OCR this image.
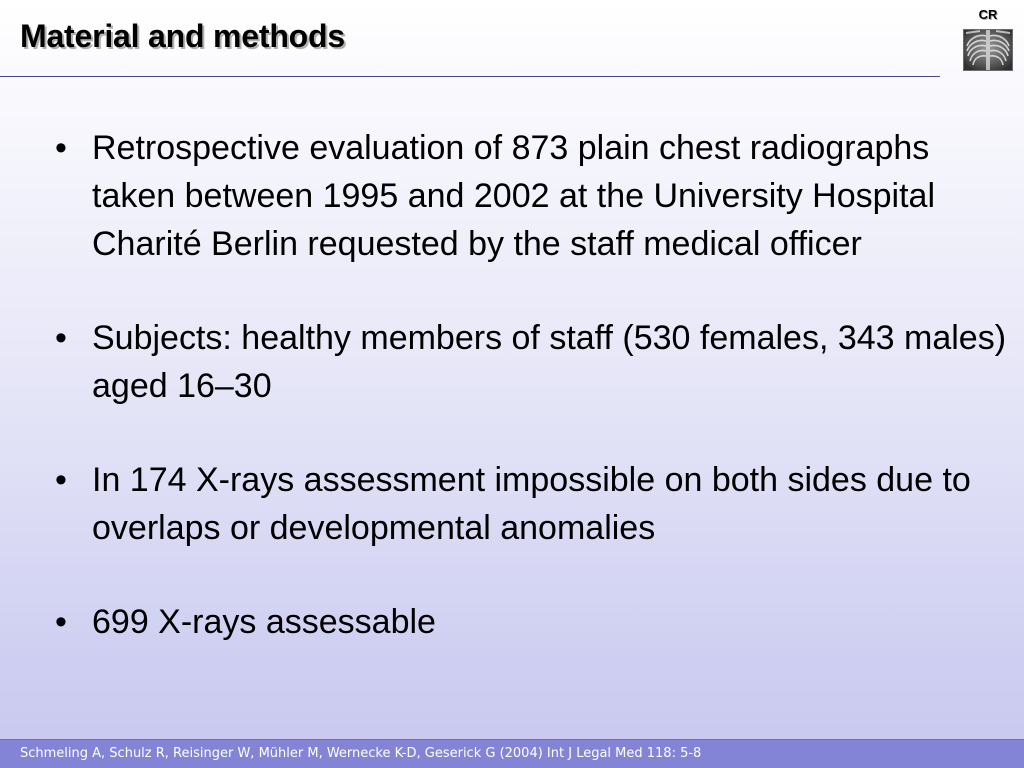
Material and methods
CR
• Retrospective evaluation of 873 plain chest radiographs taken between 1995 and 2002 at the University Hospital Charité Berlin requested by the staff medical officer
• Subjects: healthy members of staff (530 females, 343 males) aged 16–30
• In 174 X-rays assessment impossible on both sides due to overlaps or developmental anomalies
• 699 X-rays assessable
Schmeling A, Schulz R, Reisinger W, Mühler M, Wernecke K-D, Geserick G (2004) Int J Legal Med 118: 5-8
